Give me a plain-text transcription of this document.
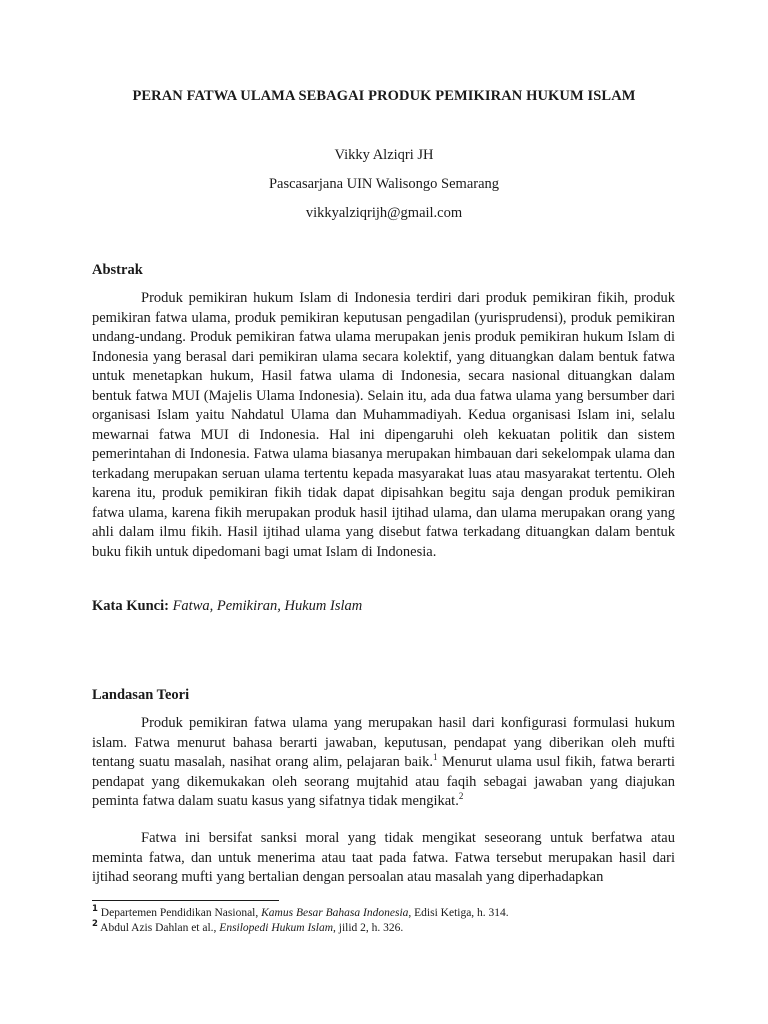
PERAN FATWA ULAMA SEBAGAI PRODUK PEMIKIRAN HUKUM ISLAM
Vikky Alziqri JH
Pascasarjana UIN Walisongo Semarang
vikkyalziqrijh@gmail.com
Abstrak

Produk pemikiran hukum Islam di Indonesia terdiri dari produk pemikiran fikih, produk pemikiran fatwa ulama, produk pemikiran keputusan pengadilan (yurisprudensi), produk pemikiran undang-undang. Produk pemikiran fatwa ulama merupakan jenis produk pemikiran hukum Islam di Indonesia yang berasal dari pemikiran ulama secara kolektif, yang dituangkan dalam bentuk fatwa untuk menetapkan hukum, Hasil fatwa ulama di Indonesia, secara nasional dituangkan dalam bentuk fatwa MUI (Majelis Ulama Indonesia). Selain itu, ada dua fatwa ulama yang bersumber dari organisasi Islam yaitu Nahdatul Ulama dan Muhammadiyah. Kedua organisasi Islam ini, selalu mewarnai fatwa MUI di Indonesia. Hal ini dipengaruhi oleh kekuatan politik dan sistem pemerintahan di Indonesia. Fatwa ulama biasanya merupakan himbauan dari sekelompak ulama dan terkadang merupakan seruan ulama tertentu kepada masyarakat luas atau masyarakat tertentu. Oleh karena itu, produk pemikiran fikih tidak dapat dipisahkan begitu saja dengan produk pemikiran fatwa ulama, karena fikih merupakan produk hasil ijtihad ulama, dan ulama merupakan orang yang ahli dalam ilmu fikih. Hasil ijtihad ulama yang disebut fatwa terkadang dituangkan dalam bentuk buku fikih untuk dipedomani bagi umat Islam di Indonesia.

Kata Kunci: Fatwa, Pemikiran, Hukum Islam
Landasan Teori

Produk pemikiran fatwa ulama yang merupakan hasil dari konfigurasi formulasi hukum islam. Fatwa menurut bahasa berarti jawaban, keputusan, pendapat yang diberikan oleh mufti tentang suatu masalah, nasihat orang alim, pelajaran baik.$^1$ Menurut ulama usul fikih, fatwa berarti pendapat yang dikemukakan oleh seorang mujtahid atau faqih sebagai jawaban yang diajukan peminta fatwa dalam suatu kasus yang sifatnya tidak mengikat.$^2$

Fatwa ini bersifat sanksi moral yang tidak mengikat seseorang untuk berfatwa atau meminta fatwa, dan untuk menerima atau taat pada fatwa. Fatwa tersebut merupakan hasil dari ijtihad seorang mufti yang bertalian dengan persoalan atau masalah yang diperhadapkan

$^1$ Departemen Pendidikan Nasional, Kamus Besar Bahasa Indonesia, Edisi Ketiga, h. 314.
$^2$ Abdul Azis Dahlan et al., Ensilopedi Hukum Islam, jilid 2, h. 326.
